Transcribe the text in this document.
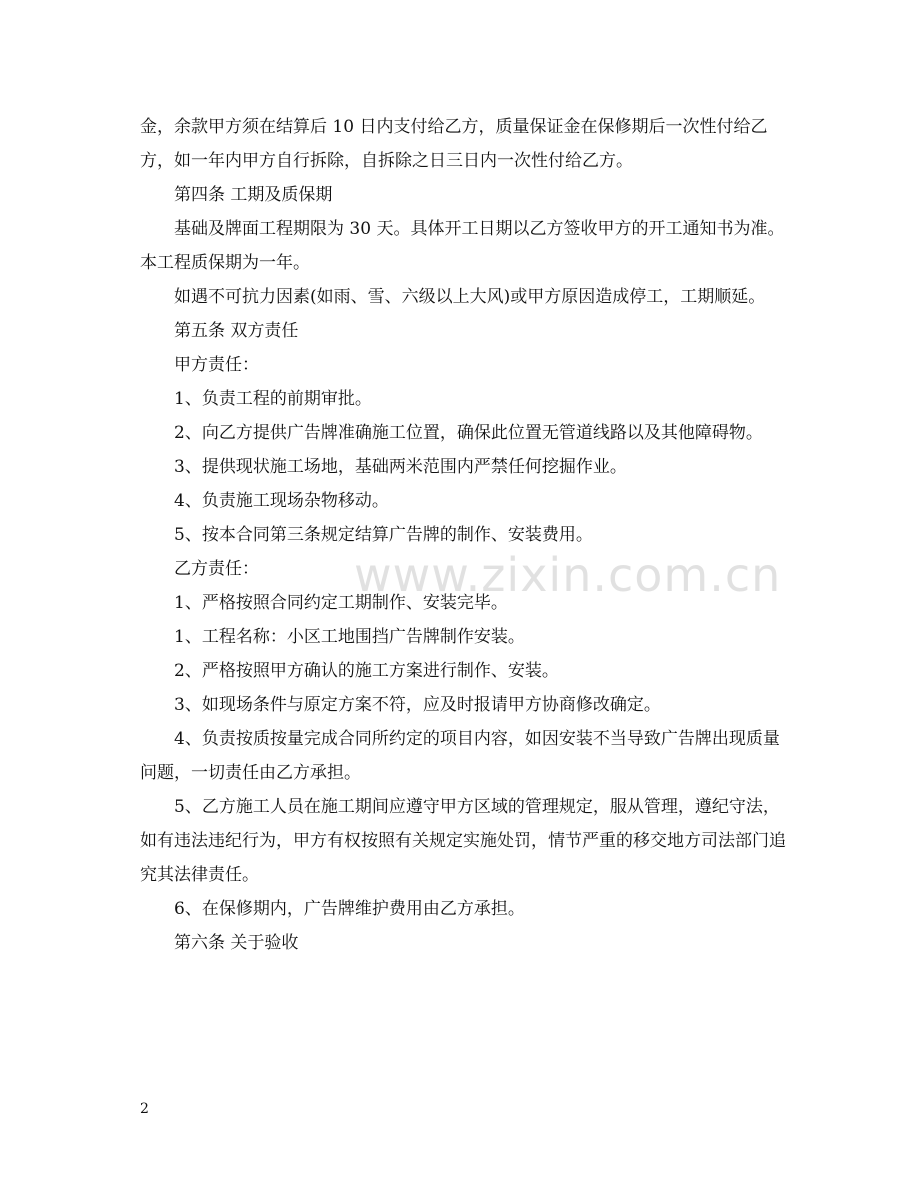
金，余款甲方须在结算后 10 日内支付给乙方，质量保证金在保修期后一次性付给乙方，如一年内甲方自行拆除，自拆除之日三日内一次性付给乙方。

第四条 工期及质保期

基础及牌面工程期限为 30 天。具体开工日期以乙方签收甲方的开工通知书为准。本工程质保期为一年。

如遇不可抗力因素(如雨、雪、六级以上大风)或甲方原因造成停工，工期顺延。

第五条 双方责任

甲方责任：

1、负责工程的前期审批。

2、向乙方提供广告牌准确施工位置，确保此位置无管道线路以及其他障碍物。

3、提供现状施工场地，基础两米范围内严禁任何挖掘作业。

4、负责施工现场杂物移动。

5、按本合同第三条规定结算广告牌的制作、安装费用。

乙方责任：

1、严格按照合同约定工期制作、安装完毕。

1、工程名称：小区工地围挡广告牌制作安装。

2、严格按照甲方确认的施工方案进行制作、安装。

3、如现场条件与原定方案不符，应及时报请甲方协商修改确定。

4、负责按质按量完成合同所约定的项目内容，如因安装不当导致广告牌出现质量问题，一切责任由乙方承担。

5、乙方施工人员在施工期间应遵守甲方区域的管理规定，服从管理，遵纪守法，如有违法违纪行为，甲方有权按照有关规定实施处罚，情节严重的移交地方司法部门追究其法律责任。

6、在保修期内，广告牌维护费用由乙方承担。

第六条 关于验收

www.zixin.com.cn
2
